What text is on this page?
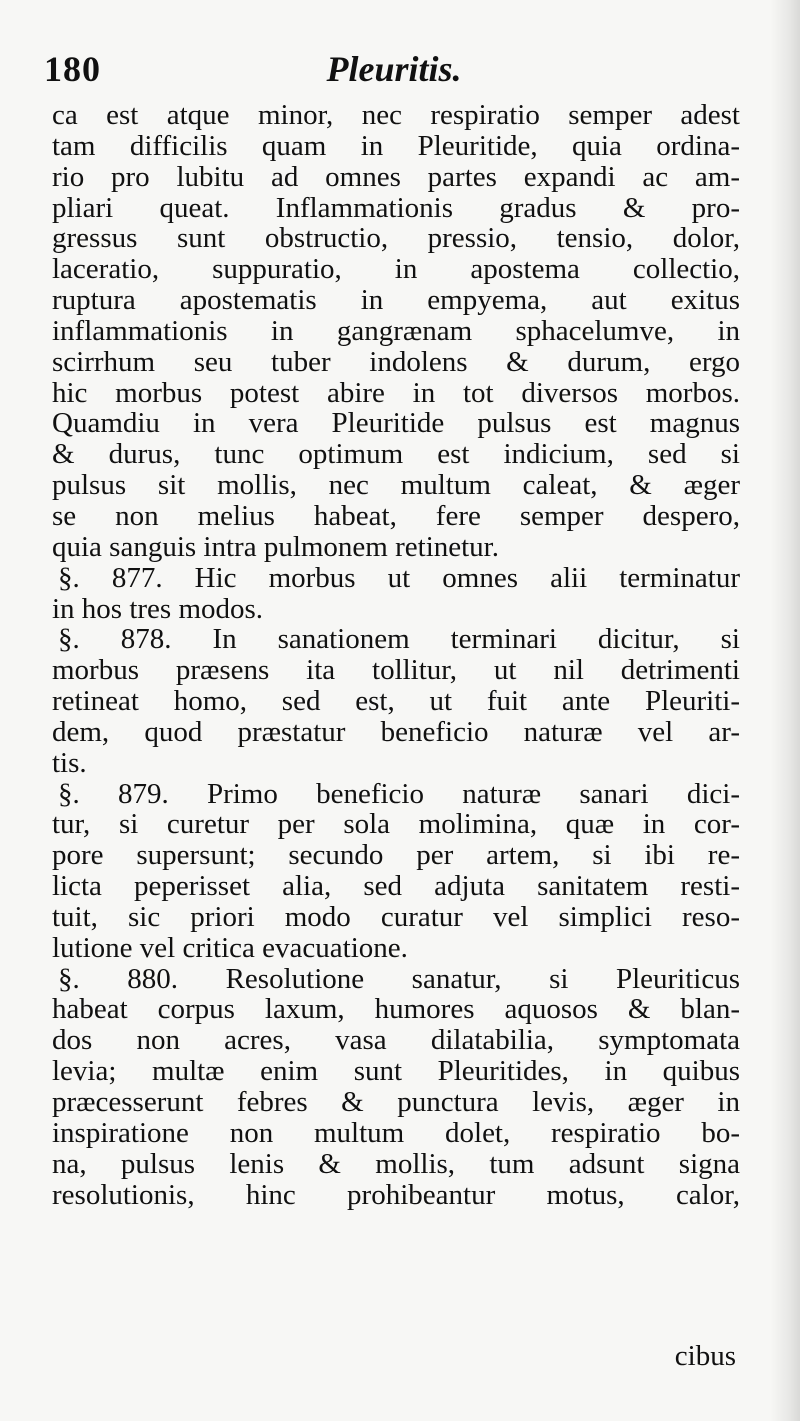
180	Pleuritis.
ca est atque minor, nec respiratio semper adest
tam difficilis quam in Pleuritide, quia ordina-
rio pro lubitu ad omnes partes expandi ac am-
pliari queat. Inflammationis gradus & pro-
gressus sunt obstructio, pressio, tensio, dolor,
laceratio, suppuratio, in apostema collectio,
ruptura apostematis in empyema, aut exitus
inflammationis in gangrænam sphacelumve, in
scirrhum seu tuber indolens & durum, ergo
hic morbus potest abire in tot diversos morbos.
Quamdiu in vera Pleuritide pulsus est magnus
& durus, tunc optimum est indicium, sed si
pulsus sit mollis, nec multum caleat, & æger
se non melius habeat, fere semper despero,
quia sanguis intra pulmonem retinetur.
§. 877. Hic morbus ut omnes alii terminatur
in hos tres modos.
§. 878. In sanationem terminari dicitur, si
morbus præsens ita tollitur, ut nil detrimenti
retineat homo, sed est, ut fuit ante Pleuriti-
dem, quod præstatur beneficio naturæ vel ar-
tis.
§. 879. Primo beneficio naturæ sanari dici-
tur, si curetur per sola molimina, quæ in cor-
pore supersunt; secundo per artem, si ibi re-
licta peperisset alia, sed adjuta sanitatem resti-
tuit, sic priori modo curatur vel simplici reso-
lutione vel critica evacuatione.
§. 880. Resolutione sanatur, si Pleuriticus
habeat corpus laxum, humores aquosos & blan-
dos non acres, vasa dilatabilia, symptomata
levia; multæ enim sunt Pleuritides, in quibus
præcesserunt febres & punctura levis, æger in
inspiratione non multum dolet, respiratio bo-
na, pulsus lenis & mollis, tum adsunt signa
resolutionis, hinc prohibeantur motus, calor,
cibus
